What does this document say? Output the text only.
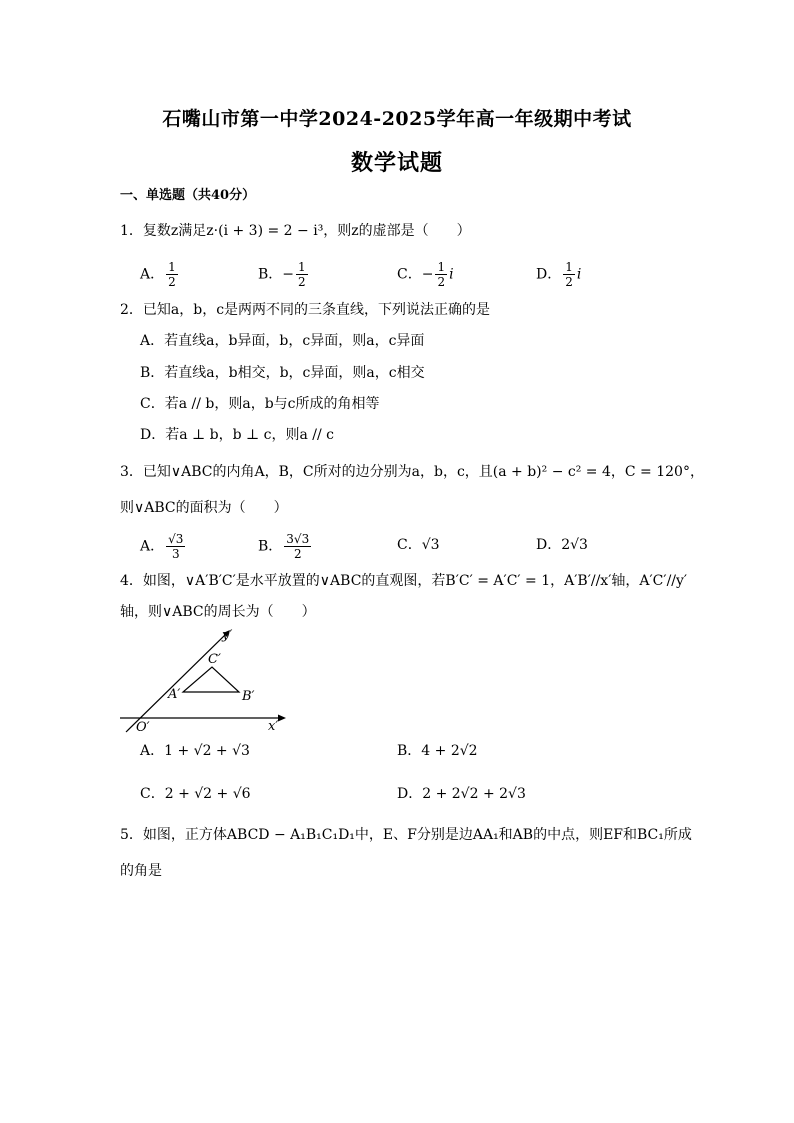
石嘴山市第一中学2024-2025学年高一年级期中考试
数学试题
一、单选题（共40分）
1．复数z满足z·(i + 3) = 2 − i³，则z的虚部是（　　）
A． $\frac{1}{2}$	B．− $\frac{1}{2}$	C．− $\frac{1}{2}$ i	D． $\frac{1}{2}$ i
2．已知a，b，c是两两不同的三条直线，下列说法正确的是
A．若直线a，b异面，b，c异面，则a，c异面
B．若直线a，b相交，b，c异面，则a，c相交
C．若a // b，则a，b与c所成的角相等
D．若a ⊥ b，b ⊥ c，则a // c
3．已知∨ABC的内角A，B，C所对的边分别为a，b，c，且(a + b)² − c² = 4，C = 120°，
则∨ABC的面积为（　　）
A． $\frac{√3}{3}$	B． $\frac{3√3}{2}$	C．√3	D．2√3
4．如图，∨A′B′C′是水平放置的∨ABC的直观图，若B′C′ = A′C′ = 1，A′B′//x′轴，A′C′//y′
轴，则∨ABC的周长为（　　）
y′
x′
O′
A′	B′
C′
A．1 + √2 + √3	B．4 + 2√2
C．2 + √2 + √6	D．2 + 2√2 + 2√3
5．如图，正方体ABCD − A₁B₁C₁D₁中，E、F分别是边AA₁和AB的中点，则EF和BC₁所成
的角是
